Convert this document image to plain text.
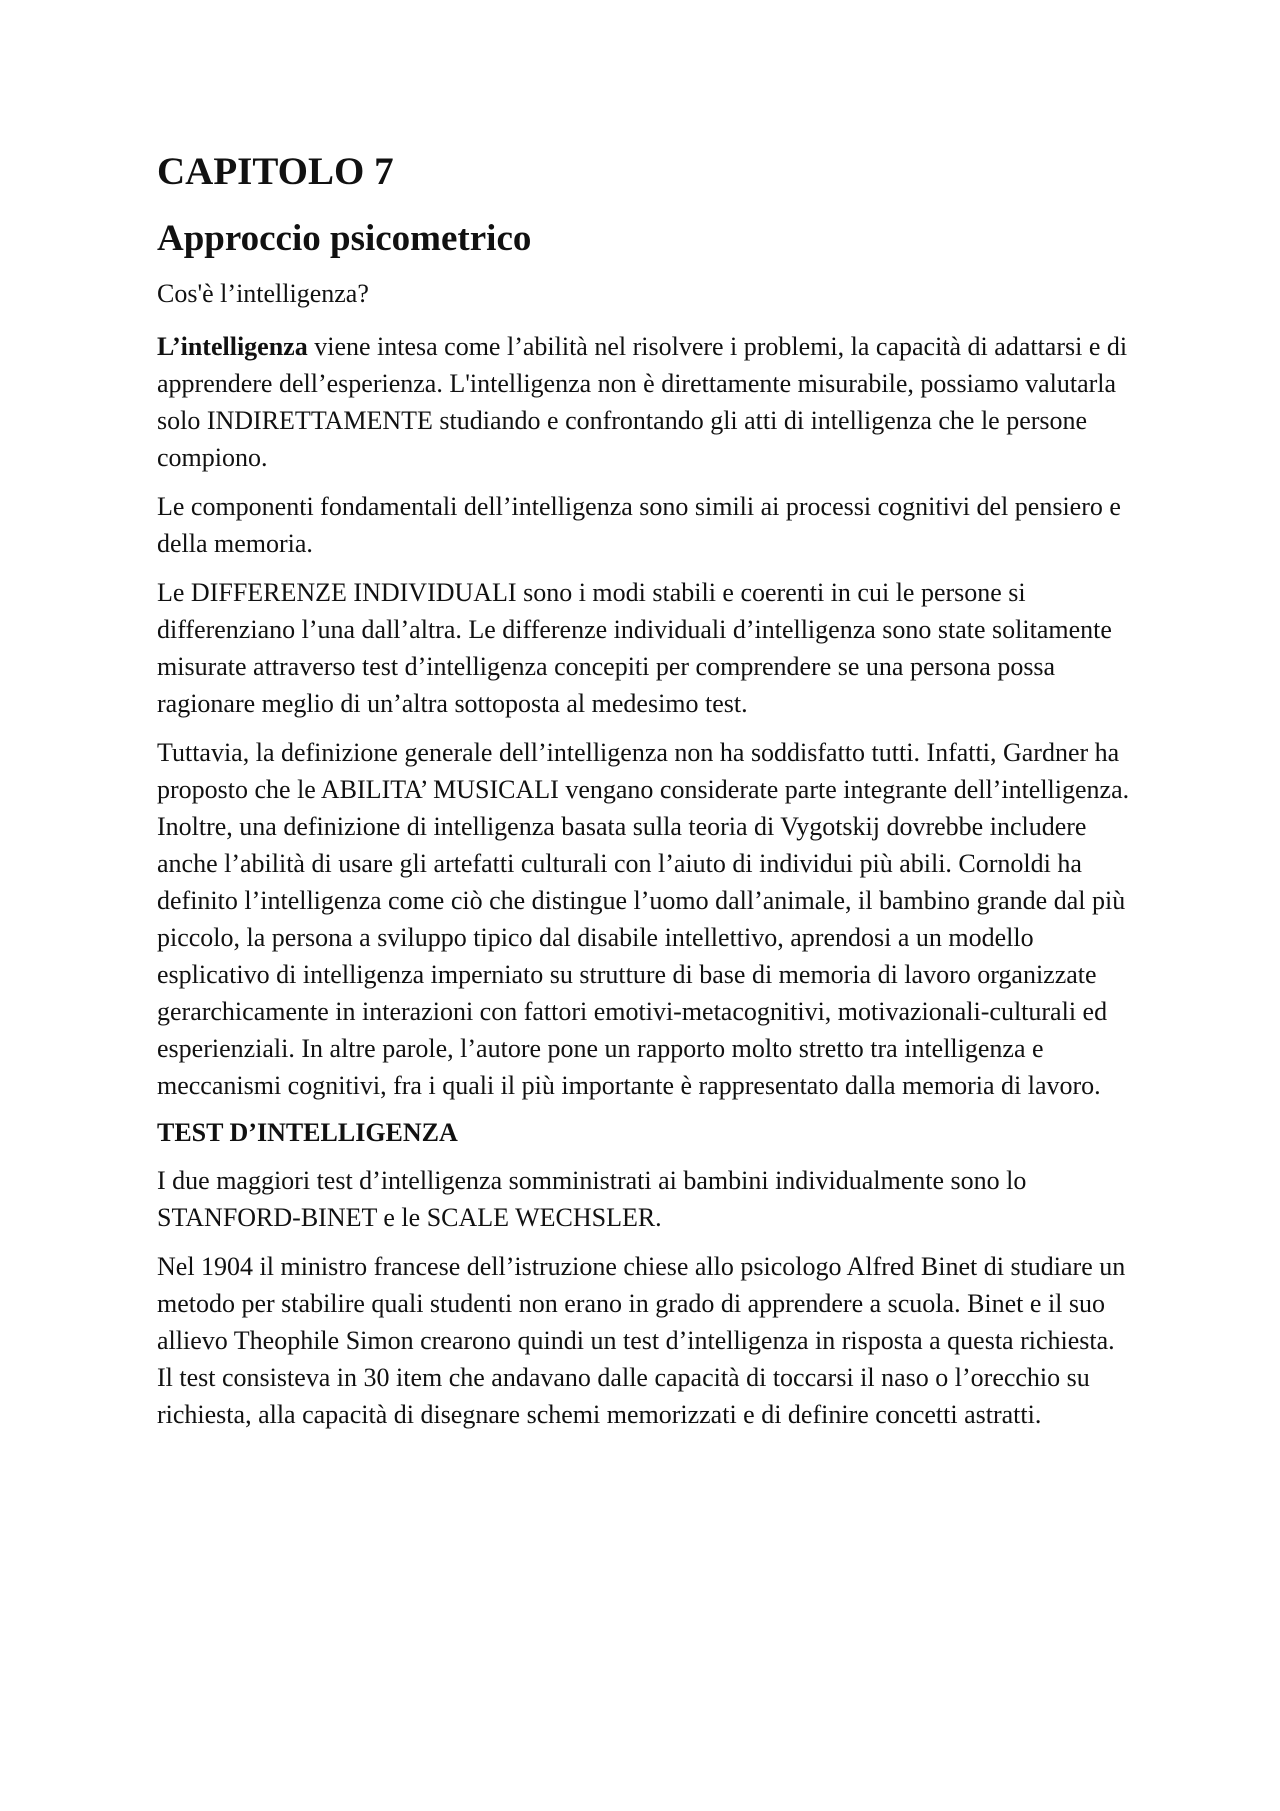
CAPITOLO 7
Approccio psicometrico

Cos'è l’intelligenza?

L’intelligenza viene intesa come l’abilità nel risolvere i problemi, la capacità di adattarsi e di apprendere dell’esperienza. L'intelligenza non è direttamente misurabile, possiamo valutarla solo INDIRETTAMENTE studiando e confrontando gli atti di intelligenza che le persone compiono.

Le componenti fondamentali dell’intelligenza sono simili ai processi cognitivi del pensiero e della memoria.

Le DIFFERENZE INDIVIDUALI sono i modi stabili e coerenti in cui le persone si differenziano l’una dall’altra. Le differenze individuali d’intelligenza sono state solitamente misurate attraverso test d’intelligenza concepiti per comprendere se una persona possa ragionare meglio di un’altra sottoposta al medesimo test.

Tuttavia, la definizione generale dell’intelligenza non ha soddisfatto tutti. Infatti, Gardner ha proposto che le ABILITA’ MUSICALI vengano considerate parte integrante dell’intelligenza. Inoltre, una definizione di intelligenza basata sulla teoria di Vygotskij dovrebbe includere anche l’abilità di usare gli artefatti culturali con l’aiuto di individui più abili. Cornoldi ha definito l’intelligenza come ciò che distingue l’uomo dall’animale, il bambino grande dal più piccolo, la persona a sviluppo tipico dal disabile intellettivo, aprendosi a un modello esplicativo di intelligenza imperniato su strutture di base di memoria di lavoro organizzate gerarchicamente in interazioni con fattori emotivi-metacognitivi, motivazionali-culturali ed esperienziali. In altre parole, l’autore pone un rapporto molto stretto tra intelligenza e meccanismi cognitivi, fra i quali il più importante è rappresentato dalla memoria di lavoro.

TEST D’INTELLIGENZA

I due maggiori test d’intelligenza somministrati ai bambini individualmente sono lo STANFORD-BINET e le SCALE WECHSLER.

Nel 1904 il ministro francese dell’istruzione chiese allo psicologo Alfred Binet di studiare un metodo per stabilire quali studenti non erano in grado di apprendere a scuola. Binet e il suo allievo Theophile Simon crearono quindi un test d’intelligenza in risposta a questa richiesta. Il test consisteva in 30 item che andavano dalle capacità di toccarsi il naso o l’orecchio su richiesta, alla capacità di disegnare schemi memorizzati e di definire concetti astratti.
